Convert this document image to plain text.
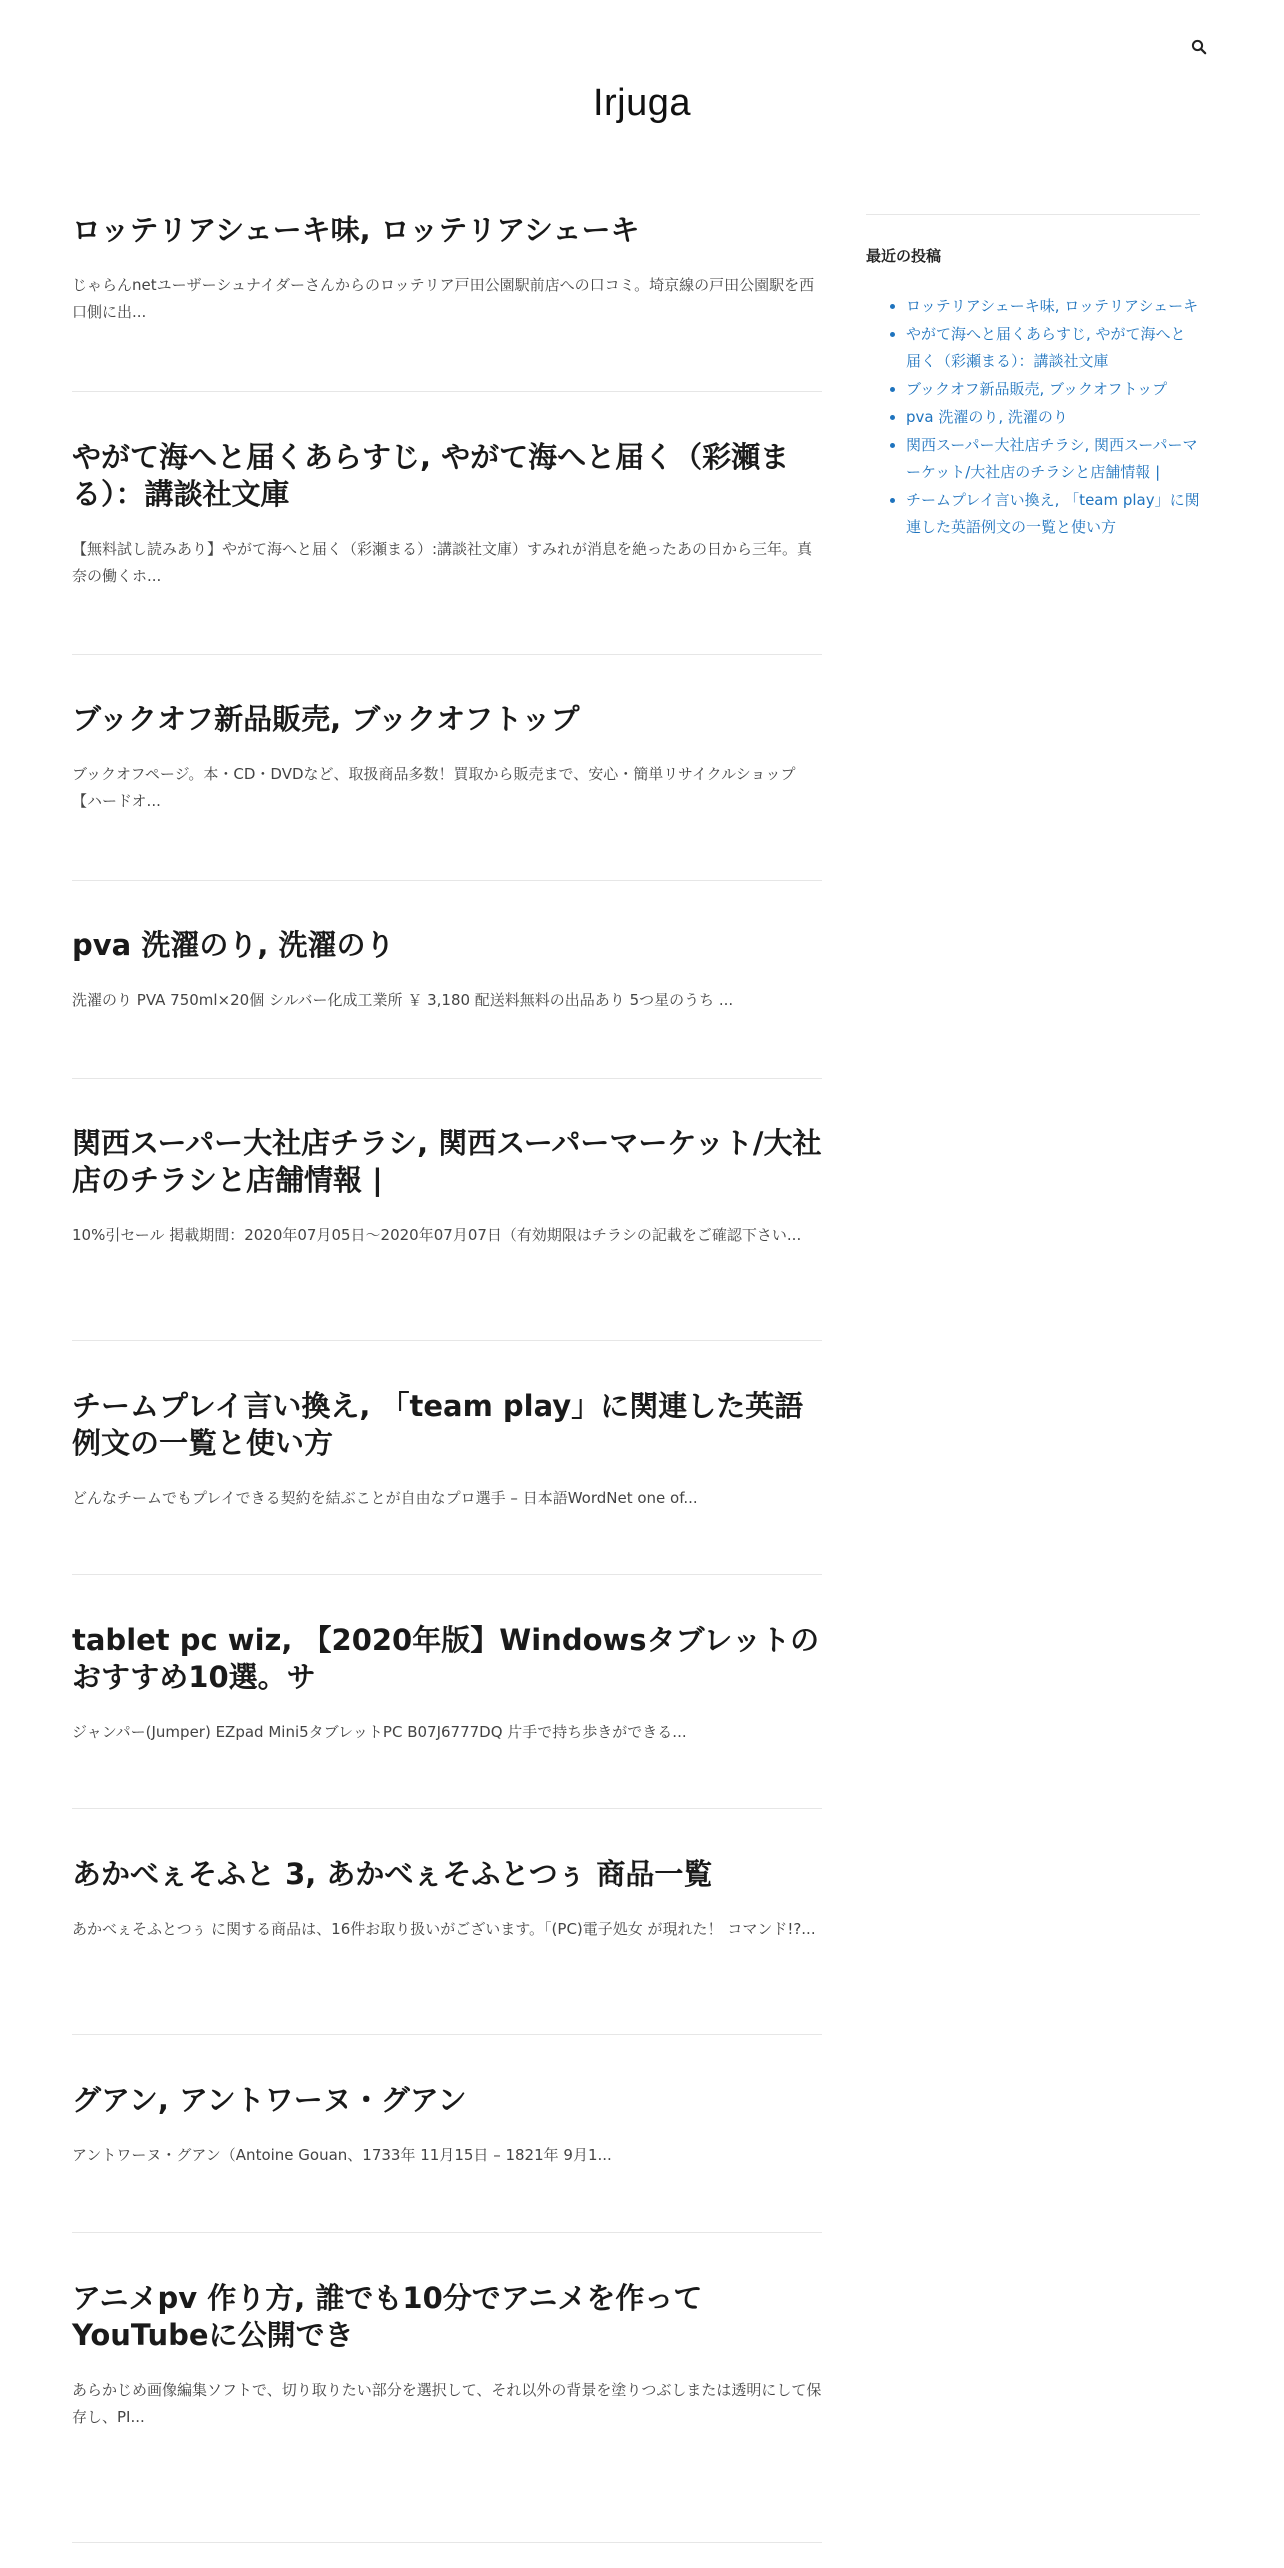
Irjuga
ロッテリアシェーキ味, ロッテリアシェーキ

じゃらんnetユーザーシュナイダーさんからのロッテリア戸田公園駅前店への口コミ。埼京線の戸田公園駅を西口側に出...

やがて海へと届くあらすじ, やがて海へと届く（彩瀬まる）：講談社文庫

【無料試し読みあり】やがて海へと届く（彩瀬まる）:講談社文庫）すみれが消息を絶ったあの日から三年。真奈の働くホ...

ブックオフ新品販売, ブックオフトップ

ブックオフページ。本・CD・DVDなど、取扱商品多数！買取から販売まで、安心・簡単リサイクルショップ【ハードオ...

pva 洗濯のり, 洗濯のり

洗濯のり PVA 750ml×20個 シルバー化成工業所 ￥ 3,180 配送料無料の出品あり 5つ星のうち ...

関西スーパー大社店チラシ, 関西スーパーマーケット/大社店のチラシと店舗情報 |

10%引セール 掲載期間：2020年07月05日～2020年07月07日（有効期限はチラシの記載をご確認下さい...

チームプレイ言い換え, 「team play」に関連した英語例文の一覧と使い方

どんなチームでもプレイできる契約を結ぶことが自由なプロ選手 – 日本語WordNet one of...

tablet pc wiz, 【2020年版】Windowsタブレットのおすすめ10選。サ

ジャンパー(Jumper) EZpad Mini5タブレットPC B07J6777DQ 片手で持ち歩きができる...

あかべぇそふと 3, あかべぇそふとつぅ 商品一覧

あかべぇそふとつぅ に関する商品は、16件お取り扱いがございます。「(PC)電子処女 が現れた！ コマンド!?...

グアン, アントワーヌ・グアン

アントワーヌ・グアン（Antoine Gouan、1733年 11月15日 – 1821年 9月1...

アニメpv 作り方, 誰でも10分でアニメを作ってYouTubeに公開でき

あらかじめ画像編集ソフトで、切り取りたい部分を選択して、それ以外の背景を塗りつぶしまたは透明にして保存し、PI...

最近の投稿
• ロッテリアシェーキ味, ロッテリアシェーキ
• やがて海へと届くあらすじ, やがて海へと届く（彩瀬まる）：講談社文庫
• ブックオフ新品販売, ブックオフトップ
• pva 洗濯のり, 洗濯のり
• 関西スーパー大社店チラシ, 関西スーパーマーケット/大社店のチラシと店舗情報 |
• チームプレイ言い換え, 「team play」に関連した英語例文の一覧と使い方
